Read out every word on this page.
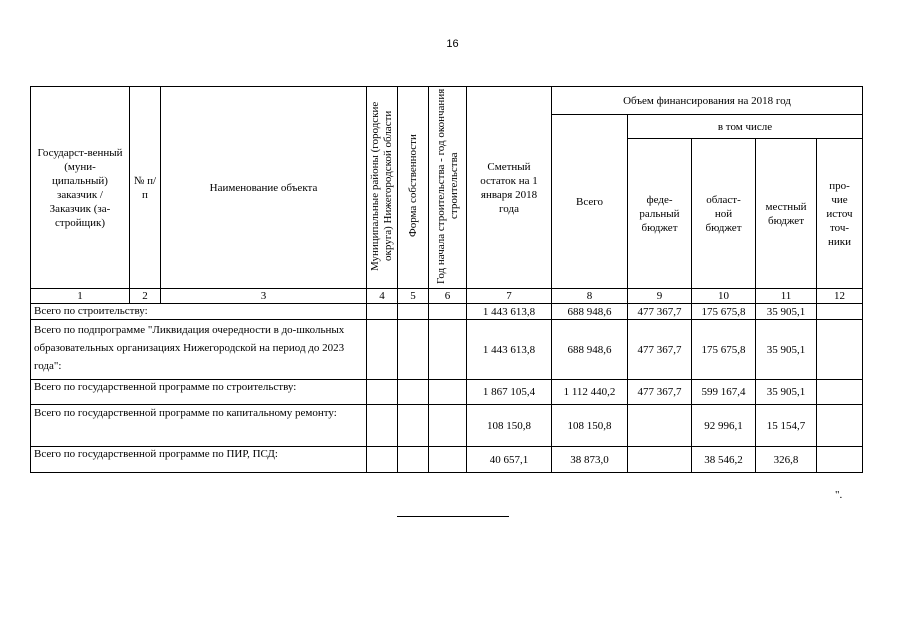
16
Государст-венный (муни-ципальный) заказчик / Заказчик (за-стройщик)	№ п/п	Наименование объекта	Муниципальные районы (городские округа) Нижегородской области	Форма собственности	Год начала строительства - год окончания строительства	Сметный остаток на 1 января 2018 года	Объем финансирования на 2018 год				
							Всего	в том числе			
								феде-ральный бюджет	област-ной бюджет	местный бюджет	про-чие источ точ-ники
1	2	3	4	5	6	7	8	9	10	11	12
Всего по строительству:						1 443 613,8	688 948,6	477 367,7	175 675,8	35 905,1	
Всего по подпрограмме "Ликвидация очередности в до-школьных образовательных организациях Нижегородской на период до 2023 года":						1 443 613,8	688 948,6	477 367,7	175 675,8	35 905,1	
Всего по государственной программе по строительству:						1 867 105,4	1 112 440,2	477 367,7	599 167,4	35 905,1	
Всего по государственной программе по капитальному ремонту:						108 150,8	108 150,8		92 996,1	15 154,7	
Всего по государственной программе по ПИР, ПСД:						40 657,1	38 873,0		38 546,2	326,8	
".
